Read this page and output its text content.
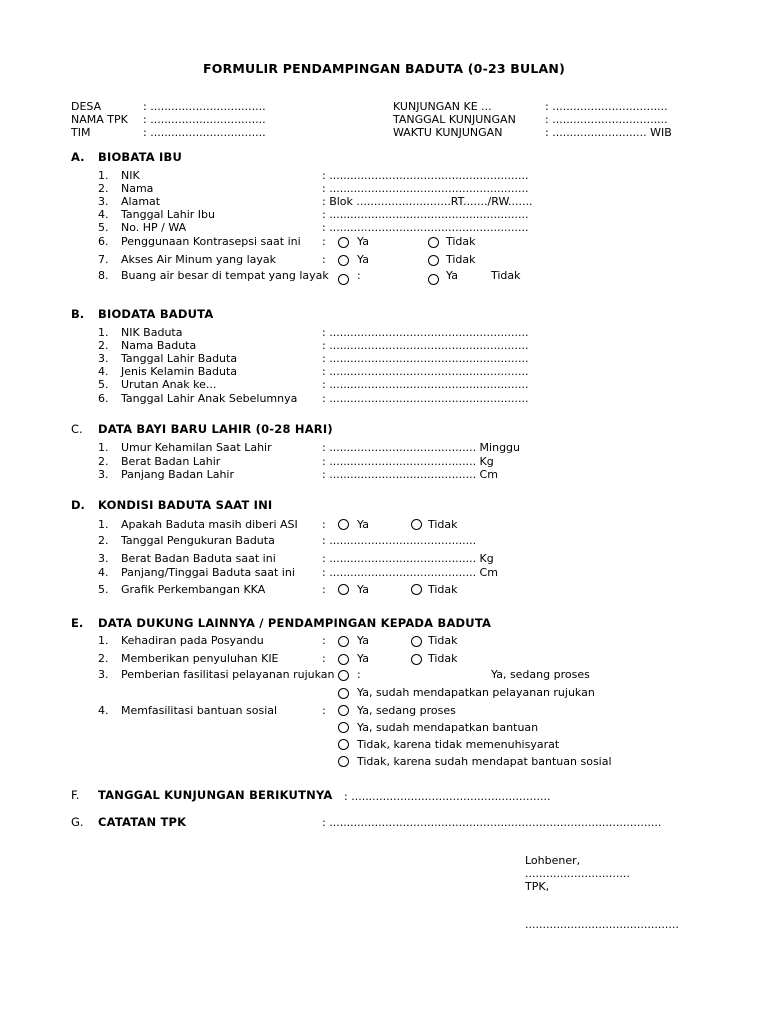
FORMULIR PENDAMPINGAN BADUTA (0-23 BULAN)
DESA	: .................................
NAMA TPK : .................................
TIM	: .................................
KUNJUNGAN KE ...	: .................................
TANGGAL KUNJUNGAN	: .................................
WAKTU KUNJUNGAN	: ........................... WIB
A. BIOBATA IBU
1. NIK	: .........................................................
2. Nama	: .........................................................
3. Alamat	: Blok ...........................RT......./RW.......
4. Tanggal Lahir Ibu	: .........................................................
5. No. HP / WA	: .........................................................
6. Penggunaan Kontrasepsi saat ini :	Ya	Tidak
7. Akses Air Minum yang layak	:	Ya	Tidak
8. Buang air besar di tempat yang layak	:	Ya	Tidak
B. BIODATA BADUTA
1. NIK Baduta	: .........................................................
2. Nama Baduta	: .........................................................
3. Tanggal Lahir Baduta	: .........................................................
4. Jenis Kelamin Baduta	: .........................................................
5. Urutan Anak ke...	: .........................................................
6. Tanggal Lahir Anak Sebelumnya : .........................................................
C. DATA BAYI BARU LAHIR (0-28 HARI)
1. Umur Kehamilan Saat Lahir	: .......................................... Minggu
2. Berat Badan Lahir	: .......................................... Kg
3. Panjang Badan Lahir	: .......................................... Cm
D. KONDISI BADUTA SAAT INI
1. Apakah Baduta masih diberi ASI :	Ya	Tidak
2. Tanggal Pengukuran Baduta	: ..........................................
3. Berat Badan Baduta saat ini	: .......................................... Kg
4. Panjang/Tinggai Baduta saat ini : .......................................... Cm
5. Grafik Perkembangan KKA	:	Ya	Tidak
E. DATA DUKUNG LAINNYA / PENDAMPINGAN KEPADA BADUTA
1. Kehadiran pada Posyandu	:	Ya	Tidak
2. Memberikan penyuluhan KIE	:	Ya	Tidak
3. Pemberian fasilitasi pelayanan rujukan :	Ya, sedang proses
Ya, sudah mendapatkan pelayanan rujukan
4. Memfasilitasi bantuan sosial	:	Ya, sedang proses
Ya, sudah mendapatkan bantuan
Tidak, karena tidak memenuhisyarat
Tidak, karena sudah mendapat bantuan sosial
F. TANGGAL KUNJUNGAN BERIKUTNYA : .........................................................
G. CATATAN TPK	: ...............................................................................................
Lohbener,
..............................
TPK,
............................................
